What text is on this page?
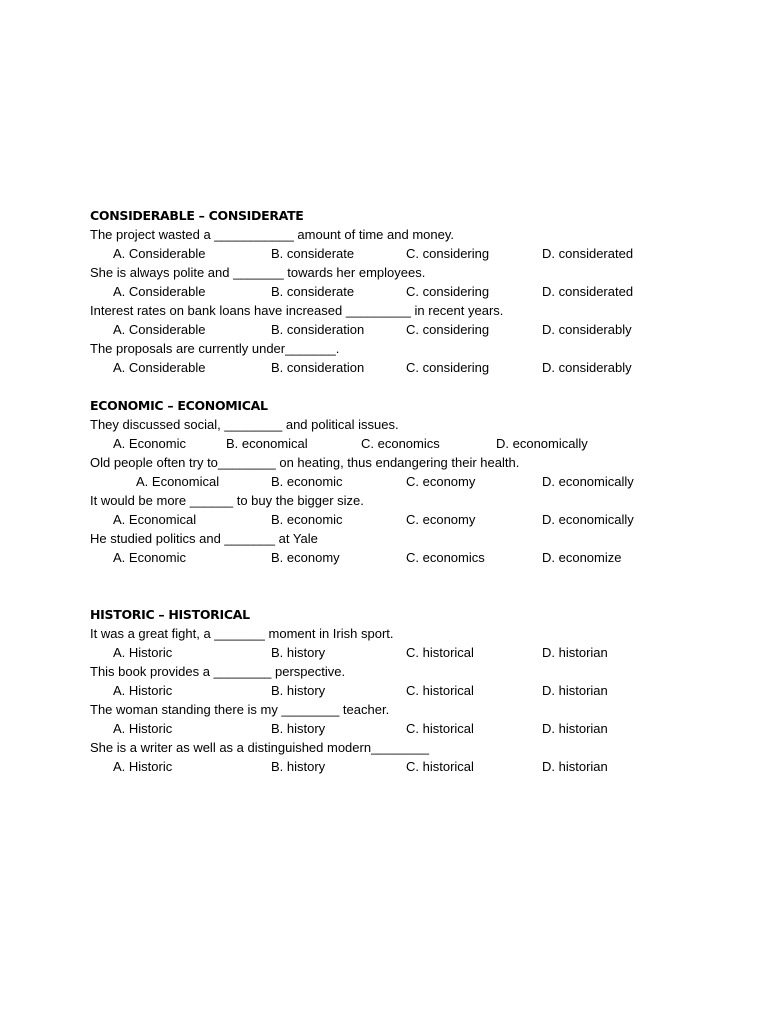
CONSIDERABLE – CONSIDERATE
The project wasted a ___________ amount of time and money.
A. Considerable	B. considerate	C. considering	D. considerated
She is always polite and _______ towards her employees.
A. Considerable	B. considerate	C. considering	D. considerated
Interest rates on bank loans have increased _________ in recent years.
A. Considerable	B. consideration	C. considering	D. considerably
The proposals are currently under_______.
A. Considerable	B. consideration	C. considering	D. considerably
ECONOMIC – ECONOMICAL
They discussed social, ________ and political issues.
A. Economic	B. economical	C. economics	D. economically
Old people often try to________ on heating, thus endangering their health.
A. Economical	B. economic	C. economy	D. economically
It would be more ______ to buy the bigger size.
A. Economical	B. economic	C. economy	D. economically
He studied politics and _______ at Yale
A. Economic	B. economy	C. economics	D. economize
HISTORIC – HISTORICAL
It was a great fight, a _______ moment in Irish sport.
A. Historic	B. history	C. historical	D. historian
This book provides a ________ perspective.
A. Historic	B. history	C. historical	D. historian
The woman standing there is my ________ teacher.
A. Historic	B. history	C. historical	D. historian
She is a writer as well as a distinguished modern________
A. Historic	B. history	C. historical	D. historian
